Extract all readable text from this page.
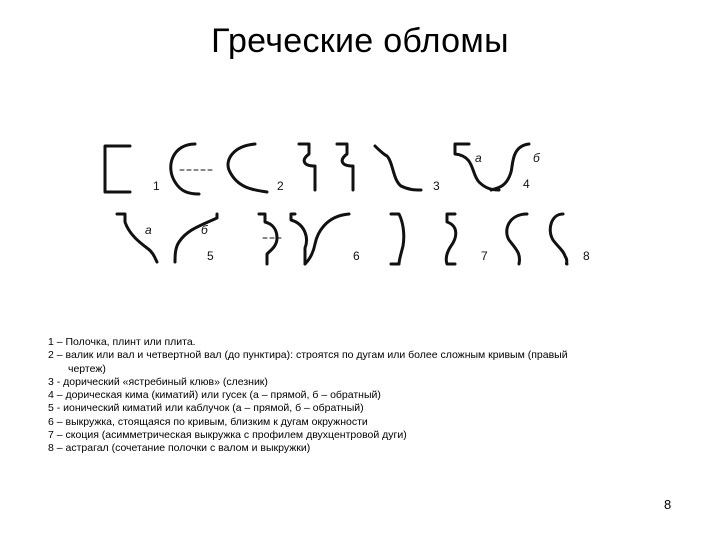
Греческие обломы
1	2	3
а	б
4
а	б
5	6	7	8
1 – Полочка, плинт или плита.
2 – валик или вал и четвертной вал (до пунктира): строятся по дугам или более сложным кривым (правый
чертеж)
3 - дорический «ястребиный клюв» (слезник)
4 – дорическая кима (киматий) или гусек (а – прямой, б – обратный)
5 - ионический киматий или каблучок (а – прямой, б – обратный)
6 – выкружка, стоящаяся по кривым, близким к дугам окружности
7 – скоция (асимметрическая выкружка с профилем двухцентровой дуги)
8 – астрагал (сочетание полочки с валом и выкружки)
8
